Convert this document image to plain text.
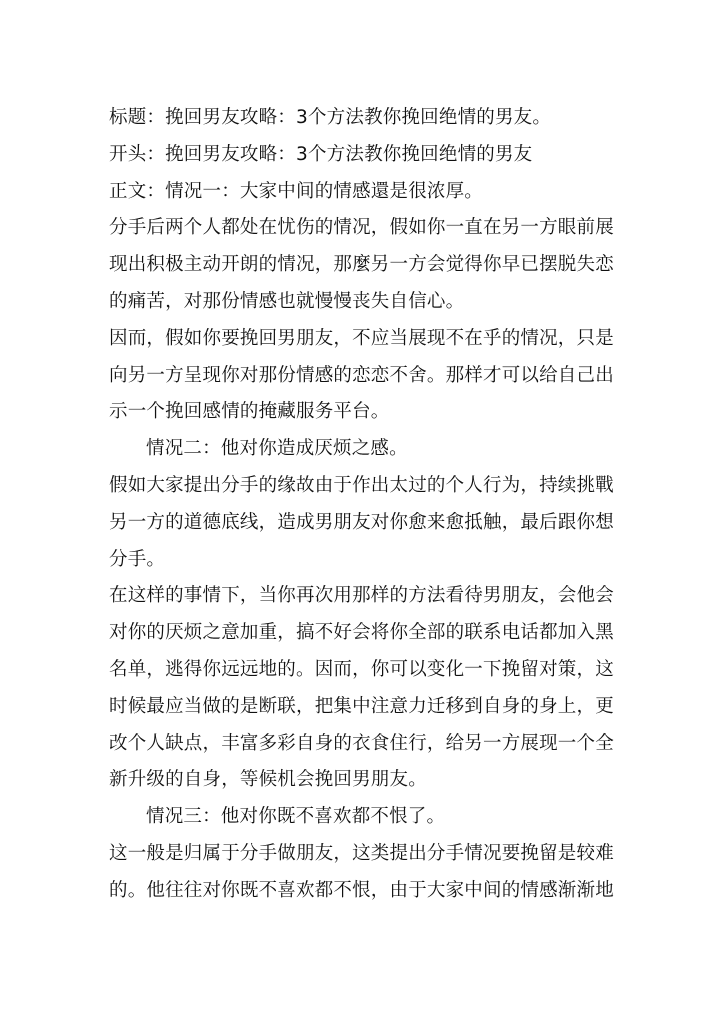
标题：挽回男友攻略：3个方法教你挽回绝情的男友。
开头：挽回男友攻略：3个方法教你挽回绝情的男友
正文：情况一：大家中间的情感還是很浓厚。
分手后两个人都处在忧伤的情况，假如你一直在另一方眼前展
现出积极主动开朗的情况，那麼另一方会觉得你早已摆脱失恋
的痛苦，对那份情感也就慢慢丧失自信心。
因而，假如你要挽回男朋友，不应当展现不在乎的情况，只是
向另一方呈现你对那份情感的恋恋不舍。那样才可以给自己出
示一个挽回感情的掩藏服务平台。
情况二：他对你造成厌烦之感。
假如大家提出分手的缘故由于作出太过的个人行为，持续挑戰
另一方的道德底线，造成男朋友对你愈来愈抵触，最后跟你想
分手。
在这样的事情下，当你再次用那样的方法看待男朋友，会他会
对你的厌烦之意加重，搞不好会将你全部的联系电话都加入黑
名单，逃得你远远地的。因而，你可以变化一下挽留对策，这
时候最应当做的是断联，把集中注意力迁移到自身的身上，更
改个人缺点，丰富多彩自身的衣食住行，给另一方展现一个全
新升级的自身，等候机会挽回男朋友。
情况三：他对你既不喜欢都不恨了。
这一般是归属于分手做朋友，这类提出分手情况要挽留是较难
的。他往往对你既不喜欢都不恨，由于大家中间的情感渐渐地
